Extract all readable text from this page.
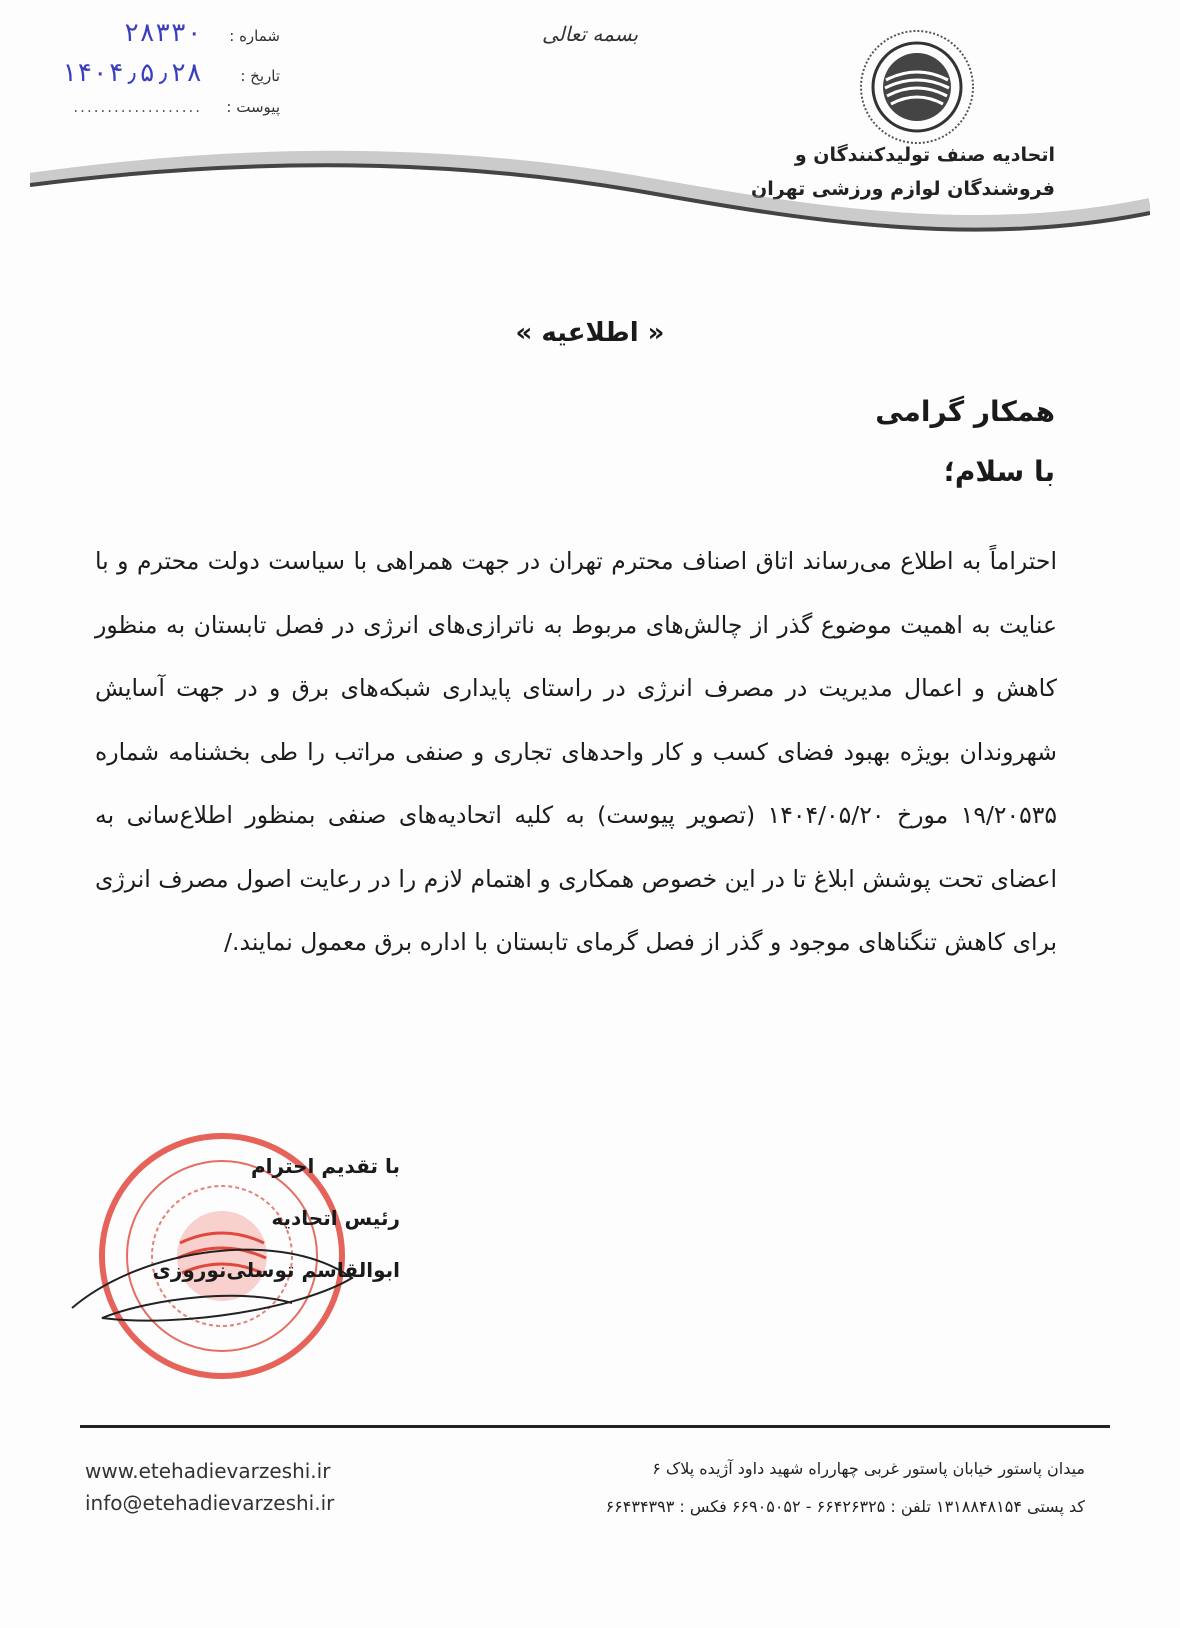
شماره :
۲۸۳۳۰
تاریخ :
۱۴۰۴٫۵٫۲۸
پیوست :
...................
بسمه تعالی
اتحادیه صنف تولیدکنندگان و
فروشندگان لوازم ورزشی تهران
« اطلاعیه »
همکار گرامی
با سلام؛
احتراماً به اطلاع می‌رساند اتاق اصناف محترم تهران در جهت همراهی با سیاست دولت محترم و با عنایت به اهمیت موضوع گذر از چالش‌های مربوط به ناترازی‌های انرژی در فصل تابستان به منظور کاهش و اعمال مدیریت در مصرف انرژی در راستای پایداری شبکه‌های برق و در جهت آسایش شهروندان بویژه بهبود فضای کسب و کار واحدهای تجاری و صنفی مراتب را طی بخشنامه شماره ۱۹/۲۰۵۳۵ مورخ ۱۴۰۴/۰۵/۲۰ (تصویر پیوست) به کلیه اتحادیه‌های صنفی بمنظور اطلاع‌سانی به اعضای تحت پوشش ابلاغ تا در این خصوص همکاری و اهتمام لازم را در رعایت اصول مصرف انرژی برای کاهش تنگناهای موجود و گذر از فصل گرمای تابستان با اداره برق معمول نمایند./
با تقدیم احترام
رئیس اتحادیه
ابوالقاسم توسلی‌نوروزی
www.etehadievarzeshi.ir
info@etehadievarzeshi.ir
میدان پاستور خیابان پاستور غربی چهارراه شهید داود آژیده پلاک ۶
کد پستی ۱۳۱۸۸۴۸۱۵۴ تلفن : ۶۶۴۲۶۳۲۵ - ۶۶۹۰۵۰۵۲ فکس : ۶۶۴۳۴۳۹۳
